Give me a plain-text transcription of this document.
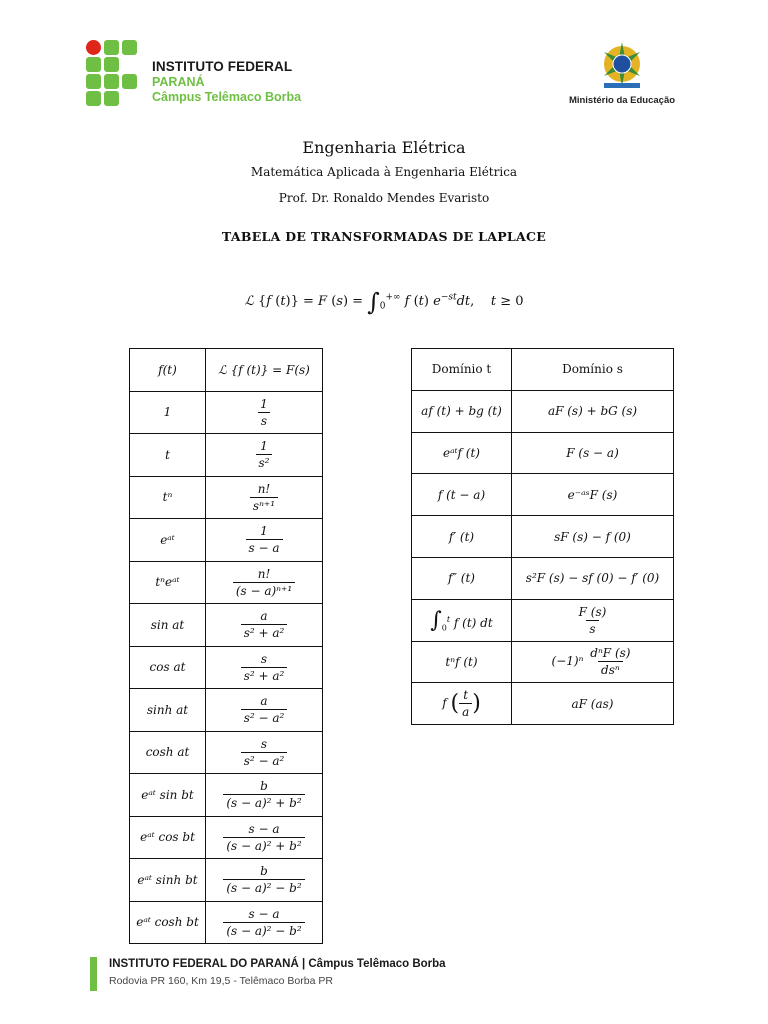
INSTITUTO FEDERAL
PARANÁ
Câmpus Telêmaco Borba	Ministério da Educação
Engenharia Elétrica
Matemática Aplicada à Engenharia Elétrica
Prof. Dr. Ronaldo Mendes Evaristo
TABELA DE TRANSFORMADAS DE LAPLACE
ℒ {f (t)} = F $(s) = \int_0^{+\infty}$ f (t) $e^{-st}dt$,    t ≥ 0
f(t)	ℒ {f (t)} = F(s)
1	$\frac{1}{s}$

t	$\frac{1}{\text{s²}}$

tⁿ	$\frac{n!}{\text{sⁿ⁺¹}}$

eᵃᵗ	$\frac{1}{s - a}$

tⁿeᵃᵗ	$\frac{n!}{\text{(s − a)ⁿ⁺¹}}$

sin at	$\frac{a}{\text{s² + a²}}$

cos at	$\frac{s}{\text{s² + a²}}$

sinh at	$\frac{a}{\text{s² − a²}}$

cosh at	$\frac{s}{\text{s² − a²}}$

eᵃᵗ sin bt	$\frac{b}{\text{(s − a)² + b²}}$

eᵃᵗ cos bt	$\frac{s - a}{\text{(s − a)² + b²}}$

eᵃᵗ sinh bt	$\frac{b}{\text{(s − a)² − b²}}$

eᵃᵗ cosh bt	$\frac{s - a}{\text{(s − a)² − b²}}$
Domínio t	Domínio s
af (t) + bg (t)	aF (s) + bG (s)
eᵃᵗf (t)	F (s − a)
f (t − a)	e⁻ᵃˢF (s)
f′ (t)	sF (s) − f (0)
f″ (t)	s²F (s) − sf (0) − f′ (0)
$\int_0^t$ f (t) dt	$\frac{F (s)}{s}$

tⁿf (t)	$(-1)^n \frac{\text{dⁿF (s)}}{\text{dsⁿ}}$

f ( $\frac{t}{a}$ )	aF (as)
INSTITUTO FEDERAL DO PARANÁ | Câmpus Telêmaco Borba
Rodovia PR 160, Km 19,5 - Telêmaco Borba PR
